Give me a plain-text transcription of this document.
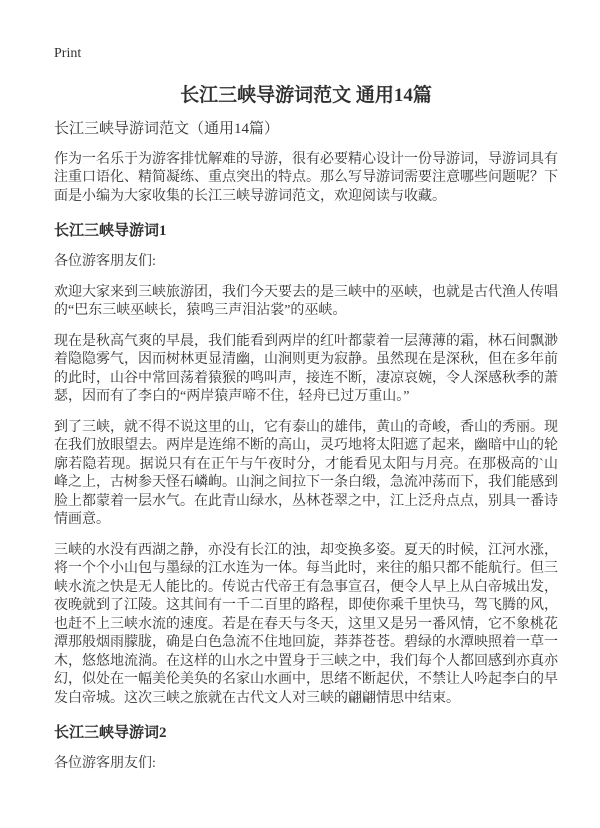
Print
长江三峡导游词范文 通用14篇

长江三峡导游词范文（通用14篇）

作为一名乐于为游客排忧解难的导游，很有必要精心设计一份导游词，导游词具有注重口语化、精简凝练、重点突出的特点。那么写导游词需要注意哪些问题呢？下面是小编为大家收集的长江三峡导游词范文，欢迎阅读与收藏。

长江三峡导游词1

各位游客朋友们:

欢迎大家来到三峡旅游团，我们今天要去的是三峡中的巫峡，也就是古代渔人传唱的“巴东三峡巫峡长，猿鸣三声泪沾裳”的巫峡。

现在是秋高气爽的早晨，我们能看到两岸的红叶都蒙着一层薄薄的霜，林石间飘渺着隐隐雾气，因而树林更显清幽，山涧则更为寂静。虽然现在是深秋，但在多年前的此时，山谷中常回荡着猿猴的鸣叫声，接连不断，凄凉哀婉，令人深感秋季的萧瑟，因而有了李白的“两岸猿声啼不住，轻舟已过万重山。”

到了三峡，就不得不说这里的山，它有泰山的雄伟，黄山的奇峻，香山的秀丽。现在我们放眼望去。两岸是连绵不断的高山，灵巧地将太阳遮了起来，幽暗中山的轮廓若隐若现。据说只有在正午与午夜时分，才能看见太阳与月亮。在那极高的`山峰之上，古树参天怪石嶙峋。山涧之间拉下一条白缎，急流冲荡而下，我们能感到脸上都蒙着一层水气。在此青山绿水，丛林苍翠之中，江上泛舟点点，别具一番诗情画意。

三峡的水没有西湖之静，亦没有长江的浊，却变换多姿。夏天的时候，江河水涨，将一个个小山包与墨绿的江水连为一体。每当此时，来往的船只都不能航行。但三峡水流之快是无人能比的。传说古代帝王有急事宣召，便令人早上从白帝城出发，夜晚就到了江陵。这其间有一千二百里的路程，即使你乘千里快马，驾飞腾的风，也赶不上三峡水流的速度。若是在春天与冬天，这里又是另一番风情，它不象桃花潭那般烟雨朦胧，确是白色急流不住地回旋，莽莽苍苍。碧绿的水潭映照着一草一木，悠悠地流淌。在这样的山水之中置身于三峡之中，我们每个人都回感到亦真亦幻，似处在一幅美伦美奂的名家山水画中，思绪不断起伏，不禁让人吟起李白的早发白帝城。这次三峡之旅就在古代文人对三峡的翩翩情思中结束。

长江三峡导游词2

各位游客朋友们:
